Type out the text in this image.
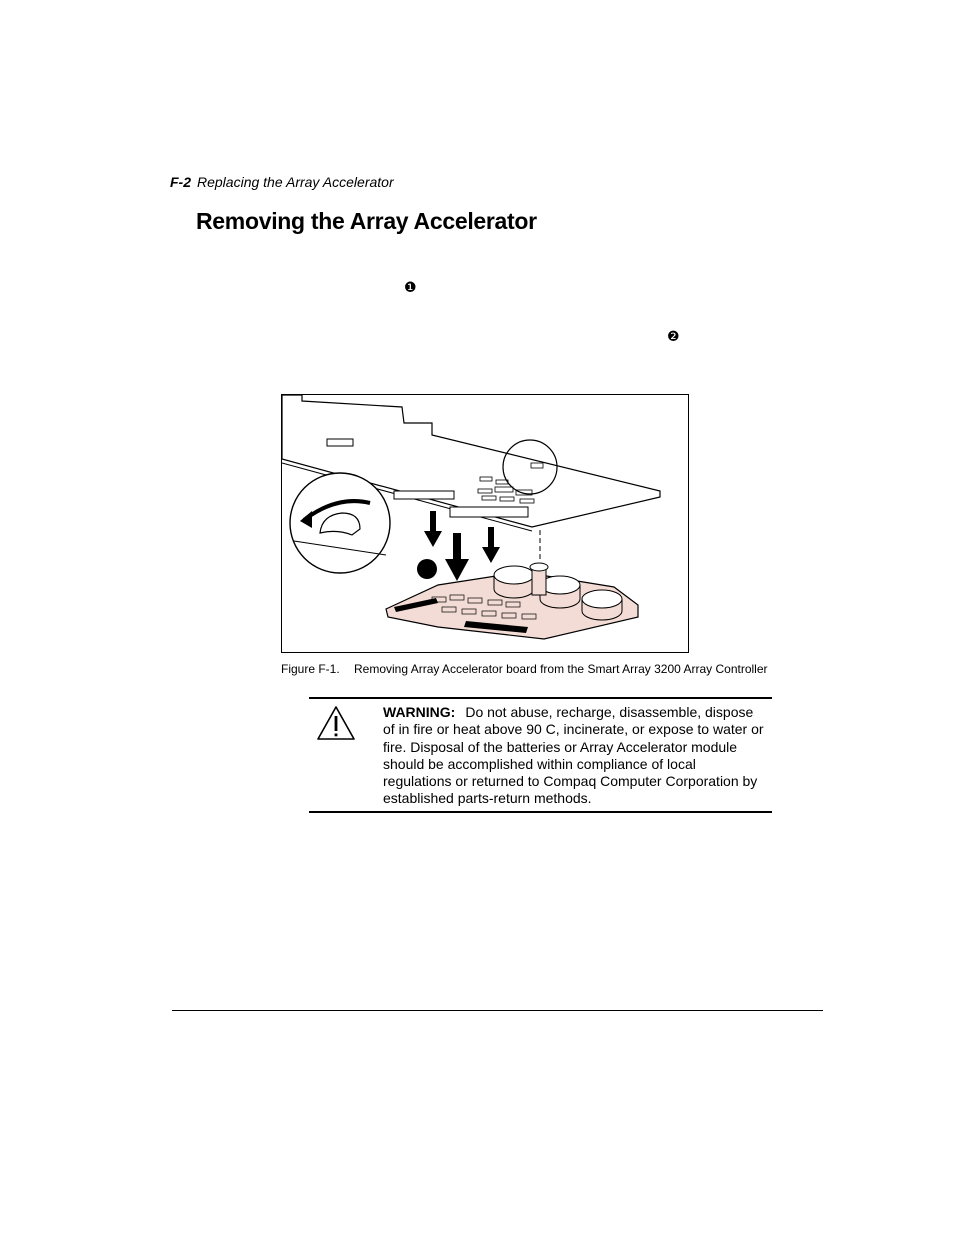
F-2 Replacing the Array Accelerator
Removing the Array Accelerator
❶
❷
Figure F-1. Removing Array Accelerator board from the Smart Array 3200 Array Controller
WARNING: Do not abuse, recharge, disassemble, dispose of in fire or heat above 90 C, incinerate, or expose to water or fire. Disposal of the batteries or Array Accelerator module should be accomplished within compliance of local regulations or returned to Compaq Computer Corporation by established parts-return methods.
